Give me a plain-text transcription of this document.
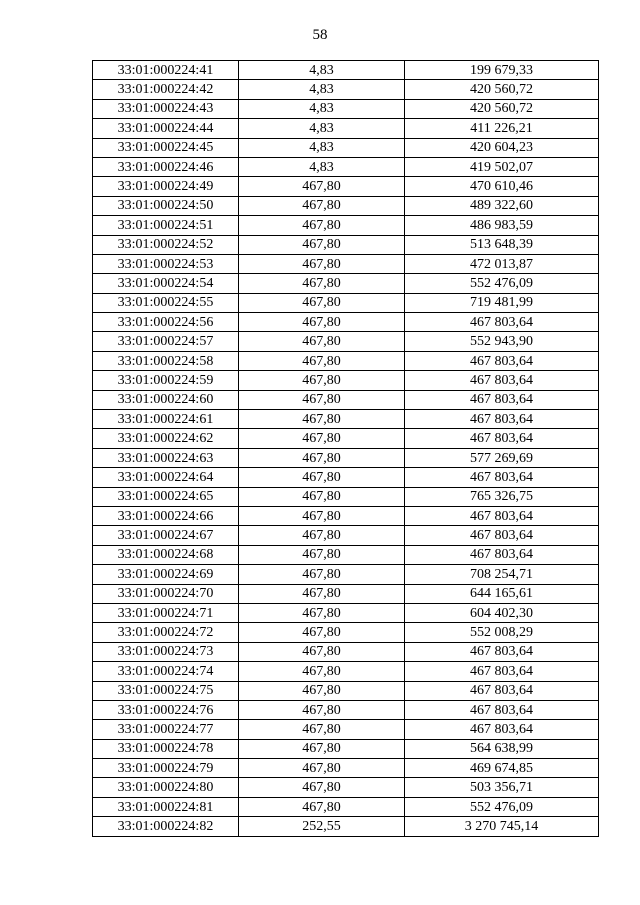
58
33:01:000224:41	4,83	199 679,33
33:01:000224:42	4,83	420 560,72
33:01:000224:43	4,83	420 560,72
33:01:000224:44	4,83	411 226,21
33:01:000224:45	4,83	420 604,23
33:01:000224:46	4,83	419 502,07
33:01:000224:49	467,80	470 610,46
33:01:000224:50	467,80	489 322,60
33:01:000224:51	467,80	486 983,59
33:01:000224:52	467,80	513 648,39
33:01:000224:53	467,80	472 013,87
33:01:000224:54	467,80	552 476,09
33:01:000224:55	467,80	719 481,99
33:01:000224:56	467,80	467 803,64
33:01:000224:57	467,80	552 943,90
33:01:000224:58	467,80	467 803,64
33:01:000224:59	467,80	467 803,64
33:01:000224:60	467,80	467 803,64
33:01:000224:61	467,80	467 803,64
33:01:000224:62	467,80	467 803,64
33:01:000224:63	467,80	577 269,69
33:01:000224:64	467,80	467 803,64
33:01:000224:65	467,80	765 326,75
33:01:000224:66	467,80	467 803,64
33:01:000224:67	467,80	467 803,64
33:01:000224:68	467,80	467 803,64
33:01:000224:69	467,80	708 254,71
33:01:000224:70	467,80	644 165,61
33:01:000224:71	467,80	604 402,30
33:01:000224:72	467,80	552 008,29
33:01:000224:73	467,80	467 803,64
33:01:000224:74	467,80	467 803,64
33:01:000224:75	467,80	467 803,64
33:01:000224:76	467,80	467 803,64
33:01:000224:77	467,80	467 803,64
33:01:000224:78	467,80	564 638,99
33:01:000224:79	467,80	469 674,85
33:01:000224:80	467,80	503 356,71
33:01:000224:81	467,80	552 476,09
33:01:000224:82	252,55	3 270 745,14
